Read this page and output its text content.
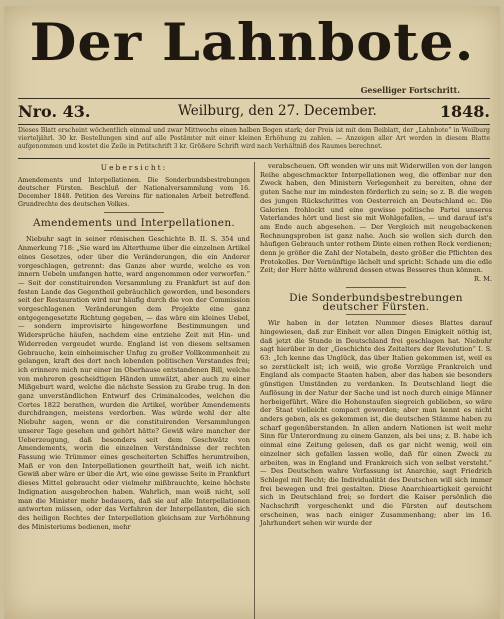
Der Lahnbote.
Geselliger Fortschritt.
Nro. 43.	Weilburg, den 27. December.	1848.
Dieses Blatt erscheint wöchentlich einmal und zwar Mittwochs einen halben Bogen stark; der Preis ist mit dem Beiblatt, der „Lahnbote“ in Weilburg vierteljährl. 30 kr. Bestellungen sind auf alle Postämter mit einer kleinen Erhöhung zu zahlen. — Anzeigen aller Art werden in diesem Blatte aufgenommen und kostet die Zeile in Petitschrift 3 kr. Größere Schrift wird nach Verhältniß des Raumes berechnet.
Uebersicht:
Amendements und Interpellationen. Die Sonderbundsbestrebungen deutscher Fürsten. Beschluß der Nationalversammlung vom 16. December 1848. Petition des Vereins für nationalen Arbeit betreffend. Grundrechte des deutschen Volkes.
Amendements und Interpellationen.

Niebuhr sagt in seiner römischen Geschichte B. II. S. 354 und Anmerkung 718: „Sie ward im Alterthume über die einzelnen Artikel eines Gesetzes, oder über die Veränderungen, die ein Anderer vorgeschlagen, getrennt: das Ganze aber wurde, welche es von innern Uebeln umfangen hatte, ward angenommen oder verworfen.“ — Seit der constituirenden Versammlung zu Frankfurt ist auf den festen Lande das Gegentheil gebräuchlich geworden, und besonders seit der Restauration wird nur häufig durch die von der Commission vorgeschlagenen Veränderungen dem Projekte eine ganz entgegengesetzte Richtung gegeben, — das wäre ein kleines Uebel, — sondern improvisirte hingeworfene Bestimmungen und Widersprüche häufen, nachdem eine entziehe Zeit mit Hin- und Widerreden vergeudet wurde. England ist von diesem seltsamen Gebrauche, kein einheimischer Unfug zu großer Vollkommenheit zu gelangen, kraft des dort noch lebenden politischen Verstandes frei; ich erinnere mich nur einer im Oberhause entstandenen Bill, welche von mehreren gescheidtigen Händen umwälzt, aber auch zu einer Mißgeburt ward, welche die nächste Session zu Grabe trug. In den ganz unverständlichen Entwurf des Criminalcodes, welchen die Cortes 1822 berathen, wurden die Artikel, worüber Amendements durchdrangen, meistens verdorben. Was würde wohl der alte Niebuhr sagen, wenn er die constituirenden Versammlungen unserer Tage gesehen und gehört hätte? Gewiß wäre mancher der Ueberzeugung, daß besonders seit dem Geschwätz von Amendements, worin die einzelnen Verständnisse der rechten Fassung wie Trümmer eines gescheiterten Schiffes herumtreiben, Maß er von den Interpellationen geurtheilt hat, weiß ich nicht. Gewiß aber wäre er über die Art, wie eine gewisse Seite in Frankfurt dieses Mittel gebraucht oder vielmehr mißbrauchte, keine höchste Indignation ausgebrochen haben. Wahrlich, man weiß nicht, soll man die Minister mehr bedauern, daß sie auf alle Interpellationen antworten müssen, oder das Verfahren der Interpellanten, die sich des heiligen Rechtes der Interpellation gleichsam zur Verhöhnung des Ministeriums bedienen, mehr

verabscheuen. Oft wenden wir uns mit Widerwillen von der langen Reihe abgeschmackter Interpellationen weg, die offenbar nur den Zweck haben, den Ministern Verlegenheit zu bereiten, ohne der guten Sache nur im mindesten förderlich zu sein; so z. B. die wegen des jungen Rückschrittes von Oesterreich an Deutschland ec. Die Galerien frohlockt und eine gewisse politische Partei unseres Vaterlandes hört und liest sie mit Wohlgefallen, — und darauf ist's am Ende auch abgesehen. — Der Vergleich mit neugebackenen Rechnungsproben ist ganz nahe. Auch sie wollen sich durch den häufigen Gebrauch unter rothem Dinte einen rothen Rock verdienen; denn je größer die Zahl der Notabeln, desto größer die Pflichten des Protokolles. Der Vernünftige lächelt und spricht: Schade um die edle Zeit; der Herr hätte während dessen etwas Besseres thun können.

R. M.
Die Sonderbundsbestrebungen deutscher Fürsten.

Wir haben in der letzten Nummer dieses Blattes darauf hingewiesen, daß zur Einheit vor allen Dingen Einigkeit nöthig ist, daß jetzt die Stunde in Deutschland frei geschlagen hat. Niebuhr sagt hierüber in der „Geschichte des Zeitalters der Revolution“ I. S. 63: „Ich kenne das Unglück, das über Italien gekommen ist, weil es so zerstückelt ist; ich weiß, wie große Vorzüge Frankreich und England als compacte Staaten haben, aber das haben sie besonders günstigen Umständen zu verdanken. In Deutschland liegt die Auflösung in der Natur der Sache und ist noch durch einige Männer herbeigeführt. Wäre die Hohenstaufen siegreich geblieben, so wäre der Staat vielleicht compact geworden; aber man kennt es nicht anders geben, als es gekommen ist, die deutschen Stämme haben zu scharf gegenüberstanden. In allen andern Nationen ist weit mehr Sinn für Unterordnung zu einem Ganzen, als bei uns; z. B. habe ich einmal eine Zeitung gelesen, daß es gar nicht wenig, weil ein einzelner sich gefallen lassen wolle, daß für einen Zweck zu arbeiten, was in England und Frankreich sich von selbst versteht.“ — Des Deutschen wahre Verfassung ist Anarchie, sagt Friedrich Schlegel mit Recht; die Individualität des Deutschen will sich immer frei bewegen und frei gestalten. Diese Anarchieartigkeit gereicht sich in Deutschland frei; so fordert die Kaiser persönlich die Nachschrift vorgeschenkt und die Fürsten auf deutschem erscheinen, was nach einiger Zusammenhang; aber im 16. Jahrhundert sehen wir wurde der
